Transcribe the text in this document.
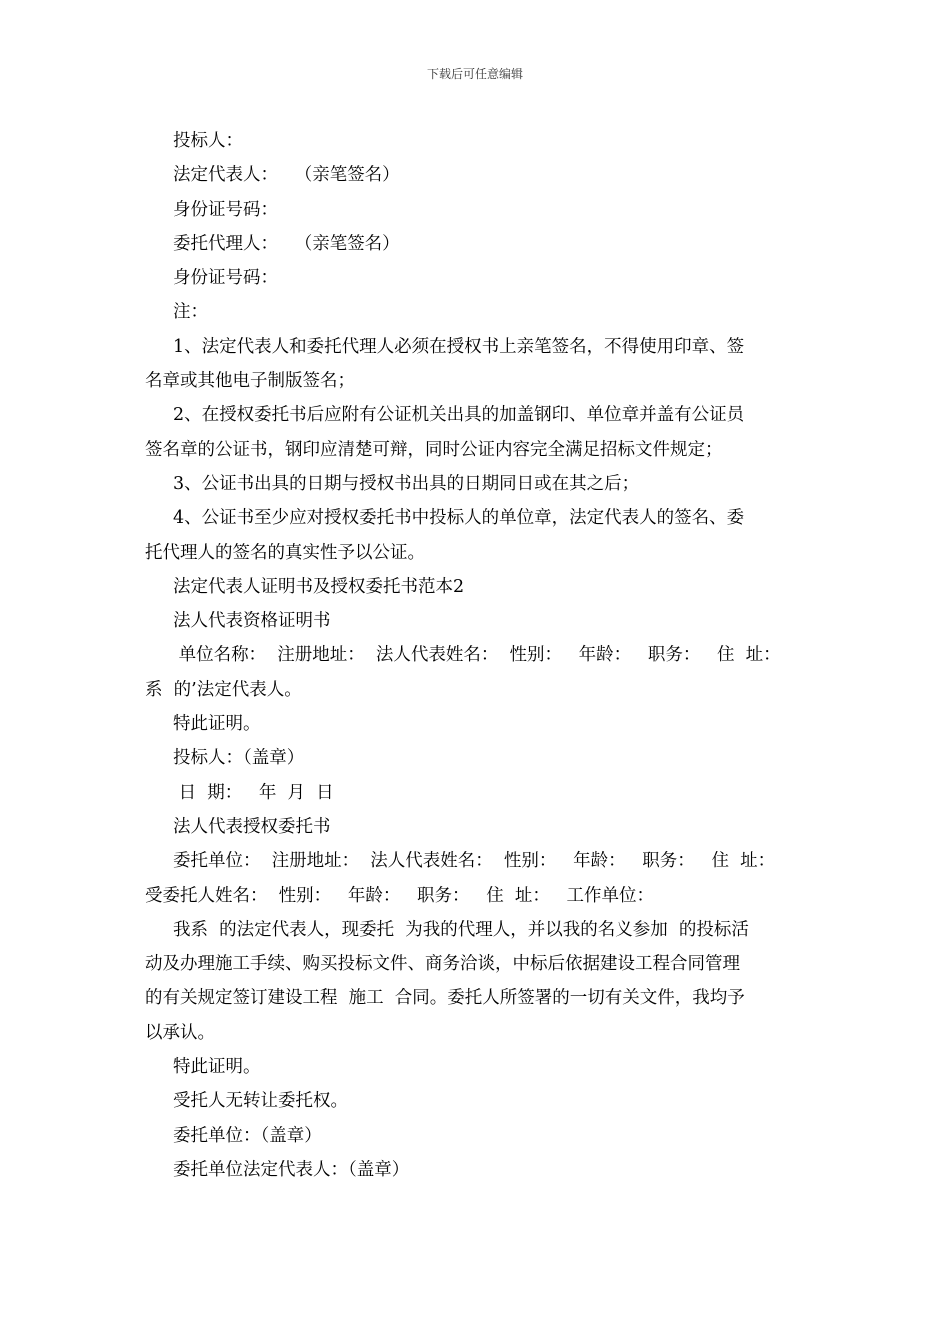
下载后可任意编辑
投标人：
法定代表人：   （亲笔签名）
身份证号码：
委托代理人：   （亲笔签名）
身份证号码：
注：
1、法定代表人和委托代理人必须在授权书上亲笔签名，不得使用印章、签
名章或其他电子制版签名；
2、在授权委托书后应附有公证机关出具的加盖钢印、单位章并盖有公证员
签名章的公证书，钢印应清楚可辩，同时公证内容完全满足招标文件规定；
3、公证书出具的日期与授权书出具的日期同日或在其之后；
4、公证书至少应对授权委托书中投标人的单位章，法定代表人的签名、委
托代理人的签名的真实性予以公证。
法定代表人证明书及授权委托书范本2
法人代表资格证明书
单位名称：  注册地址：  法人代表姓名：  性别：   年龄：   职务：   住  址：
系  的’法定代表人。
特此证明。
投标人：（盖章）
日  期：   年  月  日
法人代表授权委托书
委托单位：  注册地址：  法人代表姓名：  性别：   年龄：   职务：   住  址：
受委托人姓名：  性别：   年龄：   职务：   住  址：   工作单位：
我系  的法定代表人，现委托  为我的代理人，并以我的名义参加  的投标活
动及办理施工手续、购买投标文件、商务洽谈，中标后依据建设工程合同管理
的有关规定签订建设工程  施工  合同。委托人所签署的一切有关文件，我均予
以承认。
特此证明。
受托人无转让委托权。
委托单位：（盖章）
委托单位法定代表人：（盖章）
